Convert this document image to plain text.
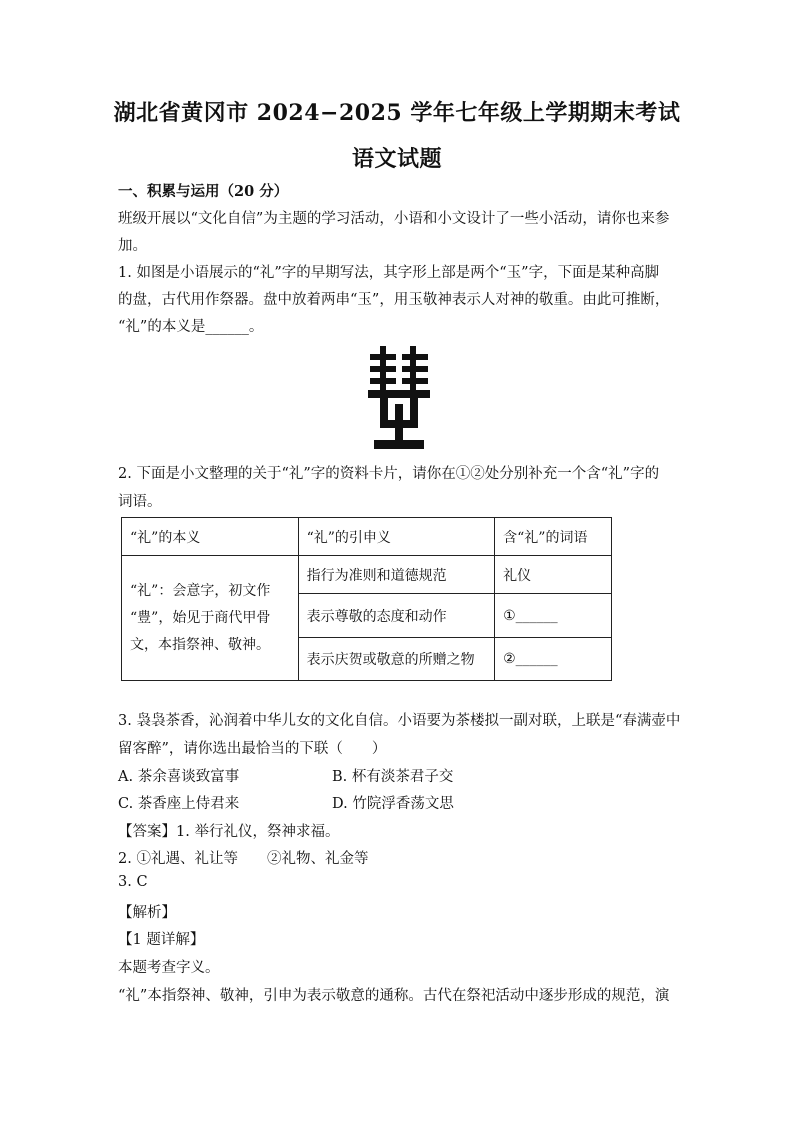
湖北省黄冈市 2024−2025 学年七年级上学期期末考试
语文试题
一、积累与运用（20 分）
班级开展以“文化自信”为主题的学习活动，小语和小文设计了一些小活动，请你也来参
加。
1. 如图是小语展示的“礼”字的早期写法，其字形上部是两个“玉”字，下面是某种高脚
的盘，古代用作祭器。盘中放着两串“玉”，用玉敬神表示人对神的敬重。由此可推断，
“礼”的本义是______。
2. 下面是小文整理的关于“礼”字的资料卡片，请你在①②处分别补充一个含“礼”字的
词语。
“礼”的本义	“礼”的引申义	含“礼”的词语

“礼”：会意字，初文作
“豊”，始见于商代甲骨
文，本指祭神、敬神。	指行为准则和道德规范	礼仪
	表示尊敬的态度和动作	①______
	表示庆贺或敬意的所赠之物	②______
3. 袅袅茶香，沁润着中华儿女的文化自信。小语要为茶楼拟一副对联，上联是“春满壶中
留客醉”，请你选出最恰当的下联（　　）
A. 茶余喜谈致富事	B. 杯有淡茶君子交
C. 茶香座上侍君来	D. 竹院浮香荡文思
【答案】1. 举行礼仪，祭神求福。
2. ①礼遇、礼让等　　②礼物、礼金等
3. C
【解析】
【1 题详解】
本题考查字义。
“礼”本指祭神、敬神，引申为表示敬意的通称。古代在祭祀活动中逐步形成的规范，演
